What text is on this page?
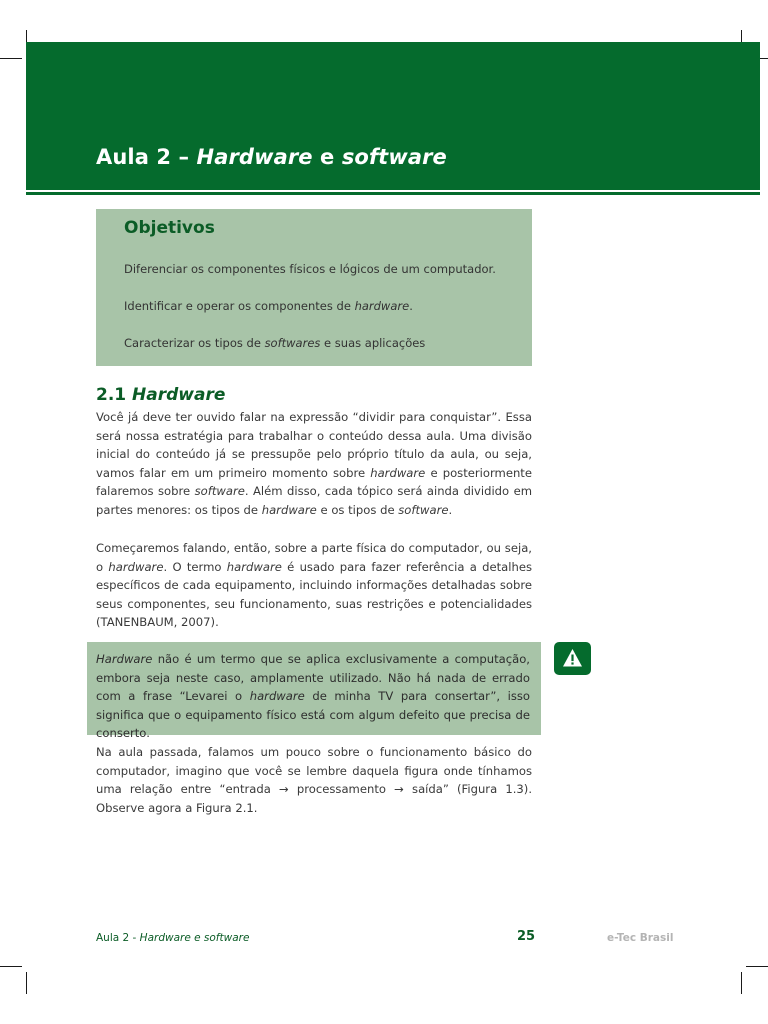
Aula 2 – Hardware e software
Objetivos
Diferenciar os componentes físicos e lógicos de um computador.
Identificar e operar os componentes de hardware.
Caracterizar os tipos de softwares e suas aplicações
2.1 Hardware

Você já deve ter ouvido falar na expressão “dividir para conquistar”. Essa será nossa estratégia para trabalhar o conteúdo dessa aula. Uma divisão inicial do conteúdo já se pressupõe pelo próprio título da aula, ou seja, vamos falar em um primeiro momento sobre hardware e posteriormente falaremos sobre software. Além disso, cada tópico será ainda dividido em partes menores: os tipos de hardware e os tipos de software.

Começaremos falando, então, sobre a parte física do computador, ou seja, o hardware. O termo hardware é usado para fazer referência a detalhes específicos de cada equipamento, incluindo informações detalhadas sobre seus componentes, seu funcionamento, suas restrições e potencialidades (TANENBAUM, 2007).

Hardware não é um termo que se aplica exclusivamente a computação, embora seja neste caso, amplamente utilizado. Não há nada de errado com a frase “Levarei o hardware de minha TV para consertar”, isso significa que o equipamento físico está com algum defeito que precisa de conserto.

Na aula passada, falamos um pouco sobre o funcionamento básico do computador, imagino que você se lembre daquela figura onde tínhamos uma relação entre “entrada → processamento → saída” (Figura 1.3). Observe agora a Figura 2.1.

Aula 2 - Hardware e software	25	e-Tec Brasil
